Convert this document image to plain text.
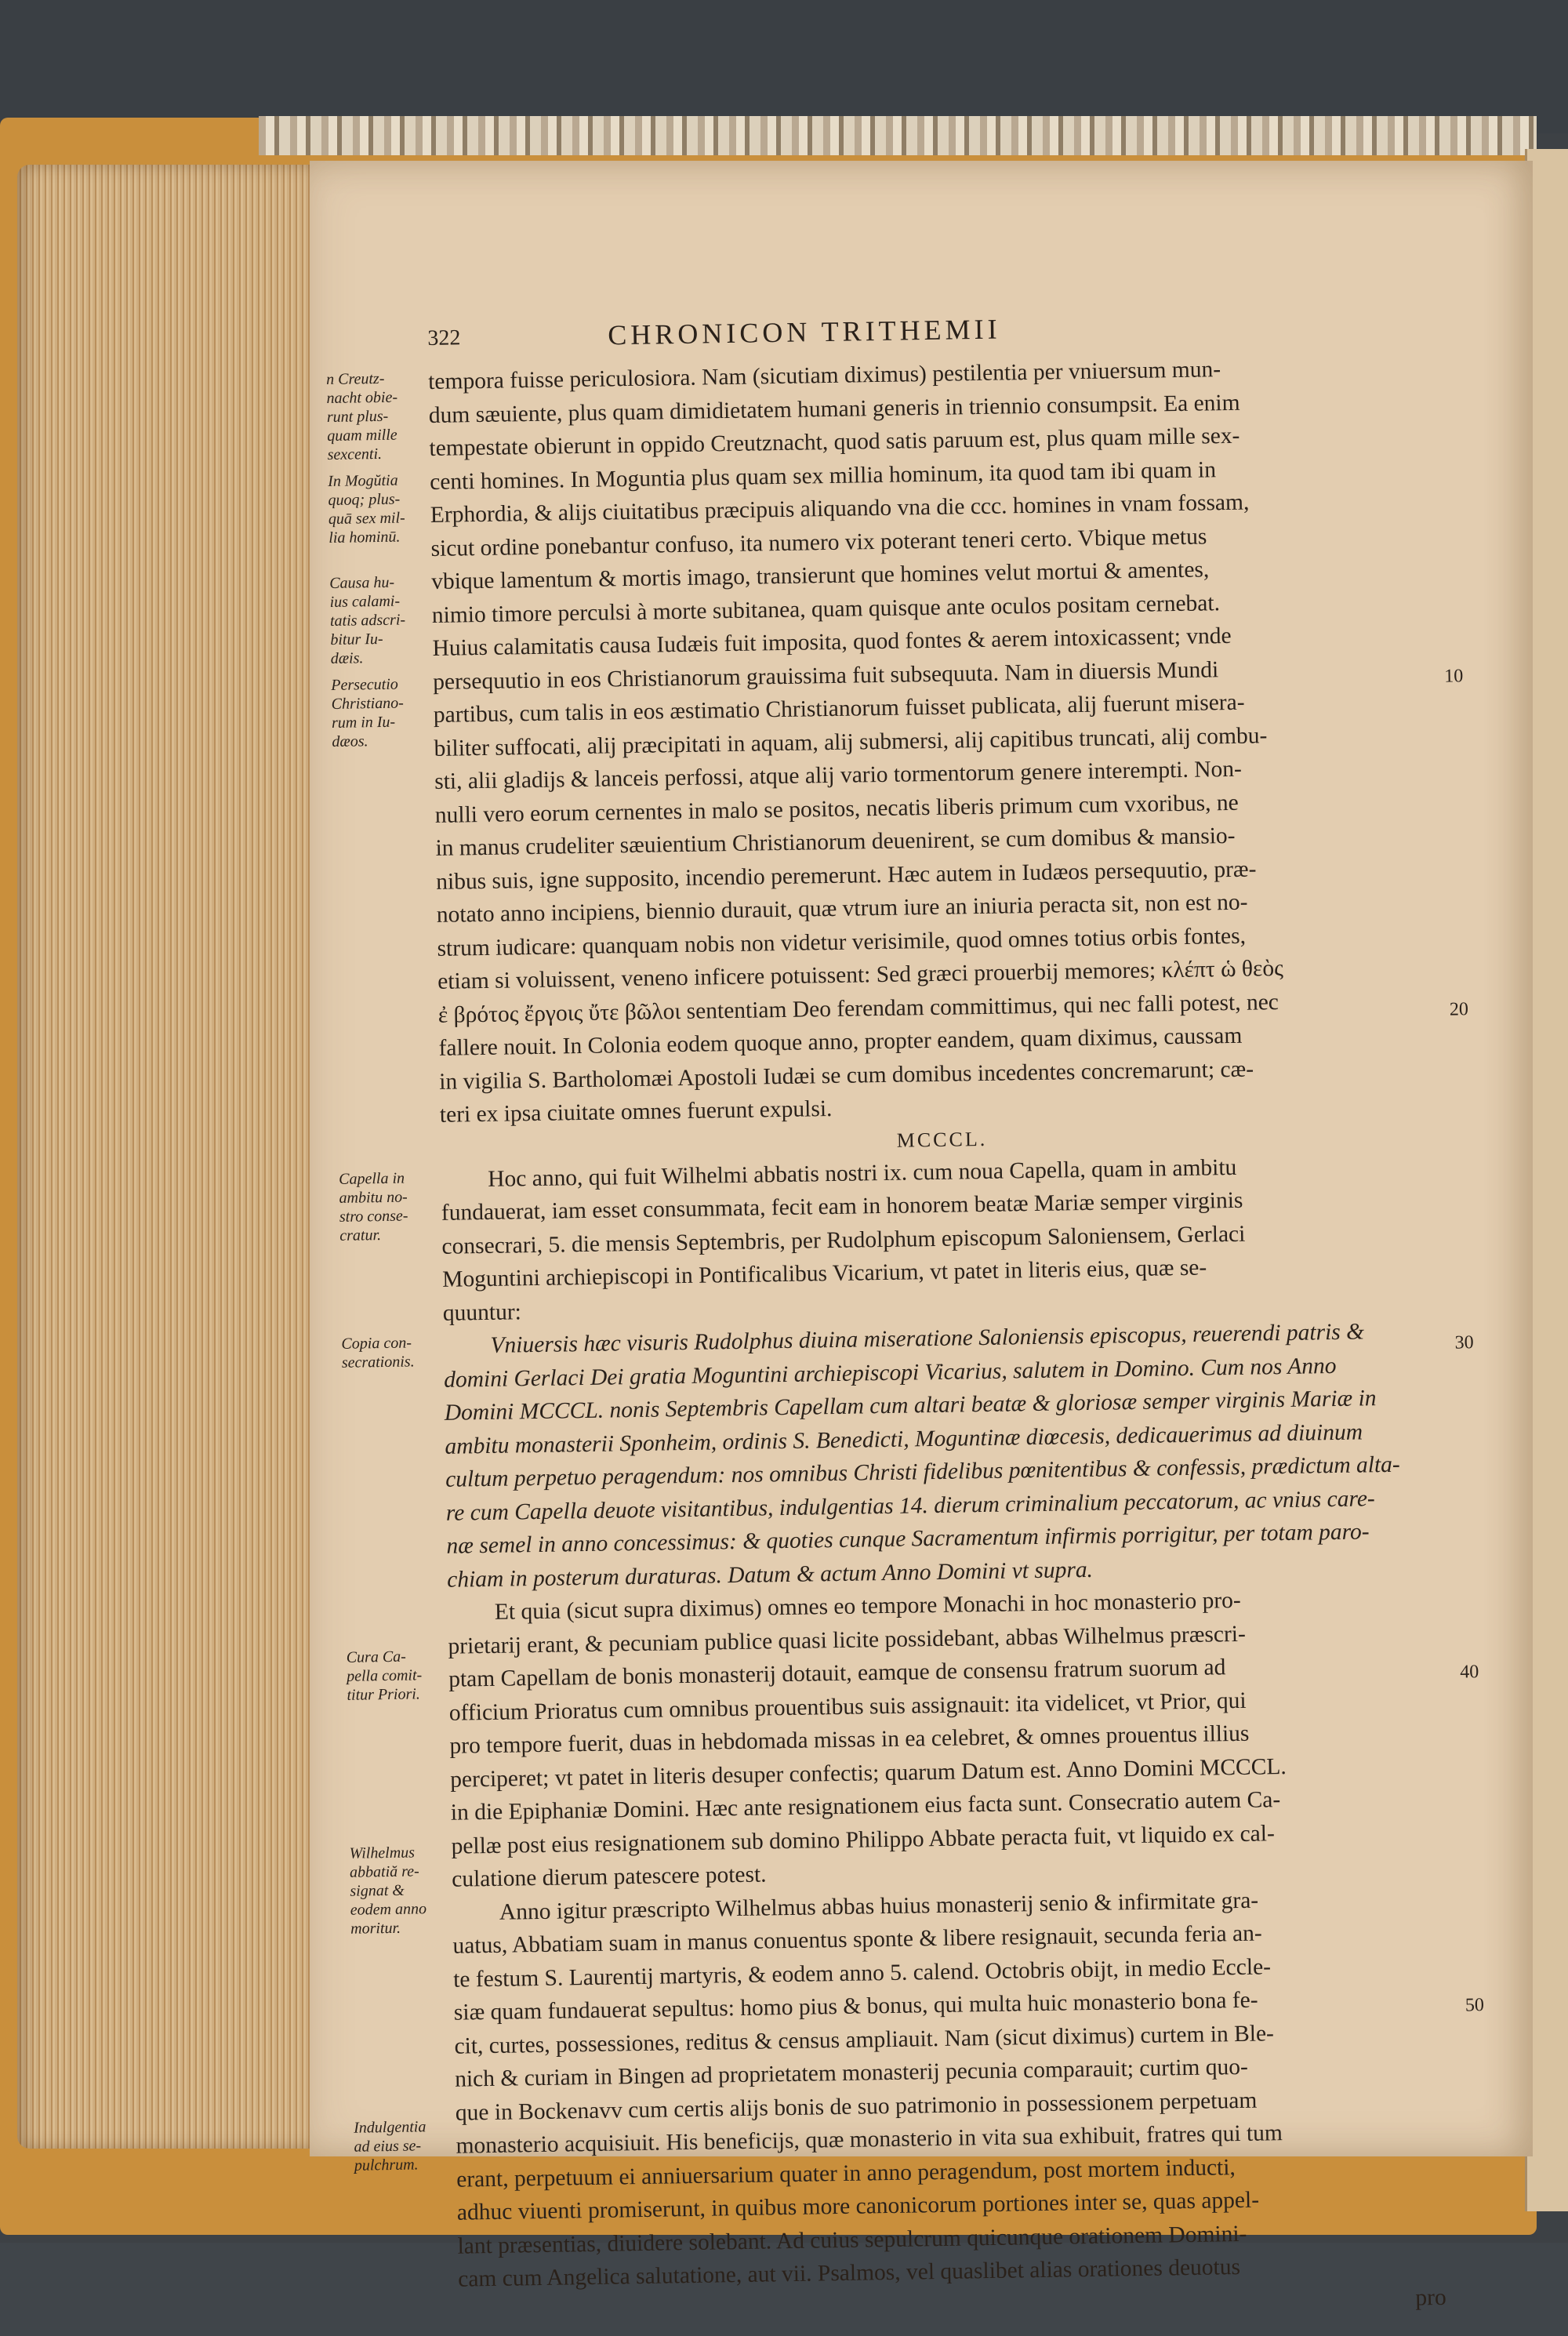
322	CHRONICON TRITHEMII
tempora fuisse periculosiora. Nam (sicutiam diximus) pestilentia per vniuersum mun-
dum sæuiente, plus quam dimidietatem humani generis in triennio consumpsit. Ea enim
tempestate obierunt in oppido Creutznacht, quod satis paruum est, plus quam mille sex-
centi homines. In Moguntia plus quam sex millia hominum, ita quod tam ibi quam in
Erphordia, & alijs ciuitatibus præcipuis aliquando vna die ccc. homines in vnam fossam,
sicut ordine ponebantur confuso, ita numero vix poterant teneri certo. Vbique metus
vbique lamentum & mortis imago, transierunt que homines velut mortui & amentes,
nimio timore perculsi à morte subitanea, quam quisque ante oculos positam cernebat.
Huius calamitatis causa Iudæis fuit imposita, quod fontes & aerem intoxicassent; vnde
persequutio in eos Christianorum grauissima fuit subsequuta. Nam in diuersis Mundi
partibus, cum talis in eos æstimatio Christianorum fuisset publicata, alij fuerunt misera-
biliter suffocati, alij præcipitati in aquam, alij submersi, alij capitibus truncati, alij combu-
sti, alii gladijs & lanceis perfossi, atque alij vario tormentorum genere interempti. Non-
nulli vero eorum cernentes in malo se positos, necatis liberis primum cum vxoribus, ne
in manus crudeliter sæuientium Christianorum deuenirent, se cum domibus & mansio-
nibus suis, igne supposito, incendio peremerunt. Hæc autem in Iudæos persequutio, præ-
notato anno incipiens, biennio durauit, quæ vtrum iure an iniuria peracta sit, non est no-
strum iudicare: quanquam nobis non videtur verisimile, quod omnes totius orbis fontes,
etiam si voluissent, veneno inficere potuissent: Sed græci prouerbij memores; κλέπτ ὡ θεὸς
ἐ βρότος ἔργοις ὔτε βῶλοι sententiam Deo ferendam committimus, qui nec falli potest, nec
fallere nouit. In Colonia eodem quoque anno, propter eandem, quam diximus, caussam
in vigilia S. Bartholomæi Apostoli Iudæi se cum domibus incedentes concremarunt; cæ-
teri ex ipsa ciuitate omnes fuerunt expulsi.
MCCCL.
Hoc anno, qui fuit Wilhelmi abbatis nostri ix. cum noua Capella, quam in ambitu
fundauerat, iam esset consummata, fecit eam in honorem beatæ Mariæ semper virginis
consecrari, 5. die mensis Septembris, per Rudolphum episcopum Saloniensem, Gerlaci
Moguntini archiepiscopi in Pontificalibus Vicarium, vt patet in literis eius, quæ se-
quuntur:
Vniuersis hæc visuris Rudolphus diuina miseratione Saloniensis episcopus, reuerendi patris &
domini Gerlaci Dei gratia Moguntini archiepiscopi Vicarius, salutem in Domino. Cum nos Anno
Domini MCCCL. nonis Septembris Capellam cum altari beatæ & gloriosæ semper virginis Mariæ in
ambitu monasterii Sponheim, ordinis S. Benedicti, Moguntinæ diœcesis, dedicauerimus ad diuinum
cultum perpetuo peragendum: nos omnibus Christi fidelibus pœnitentibus & confessis, prædictum alta-
re cum Capella deuote visitantibus, indulgentias 14. dierum criminalium peccatorum, ac vnius care-
næ semel in anno concessimus: & quoties cunque Sacramentum infirmis porrigitur, per totam paro-
chiam in posterum duraturas. Datum & actum Anno Domini vt supra.
Et quia (sicut supra diximus) omnes eo tempore Monachi in hoc monasterio pro-
prietarij erant, & pecuniam publice quasi licite possidebant, abbas Wilhelmus præscri-
ptam Capellam de bonis monasterij dotauit, eamque de consensu fratrum suorum ad
officium Prioratus cum omnibus prouentibus suis assignauit: ita videlicet, vt Prior, qui
pro tempore fuerit, duas in hebdomada missas in ea celebret, & omnes prouentus illius
perciperet; vt patet in literis desuper confectis; quarum Datum est. Anno Domini MCCCL.
in die Epiphaniæ Domini. Hæc ante resignationem eius facta sunt. Consecratio autem Ca-
pellæ post eius resignationem sub domino Philippo Abbate peracta fuit, vt liquido ex cal-
culatione dierum patescere potest.
Anno igitur præscripto Wilhelmus abbas huius monasterij senio & infirmitate gra-
uatus, Abbatiam suam in manus conuentus sponte & libere resignauit, secunda feria an-
te festum S. Laurentij martyris, & eodem anno 5. calend. Octobris obijt, in medio Eccle-
siæ quam fundauerat sepultus: homo pius & bonus, qui multa huic monasterio bona fe-
cit, curtes, possessiones, reditus & census ampliauit. Nam (sicut diximus) curtem in Ble-
nich & curiam in Bingen ad proprietatem monasterij pecunia comparauit; curtim quo-
que in Bockenavv cum certis alijs bonis de suo patrimonio in possessionem perpetuam
monasterio acquisiuit. His beneficijs, quæ monasterio in vita sua exhibuit, fratres qui tum
erant, perpetuum ei anniuersarium quater in anno peragendum, post mortem inducti,
adhuc viuenti promiserunt, in quibus more canonicorum portiones inter se, quas appel-
lant præsentias, diuidere solebant. Ad cuius sepulcrum quicunque orationem Domini-
cam cum Angelica salutatione, aut vii. Psalmos, vel quaslibet alias orationes deuotus
pro
n Creutz-
nacht obie-
runt plus-
quam mille
sexcenti.
In Mogŭtia
quoq; plus-
quā sex mil-
lia hominū.
Causa hu-
ius calami-
tatis adscri-
bitur Iu-
dæis.
Persecutio
Christiano-
rum in Iu-
dæos.
Capella in
ambitu no-
stro conse-
cratur.
Copia con-
secrationis.
Cura Ca-
pella comit-
titur Priori.
Wilhelmus
abbatiă re-
signat &
eodem anno
moritur.
Indulgentia
ad eius se-
pulchrum.
10
20
30
40
50
